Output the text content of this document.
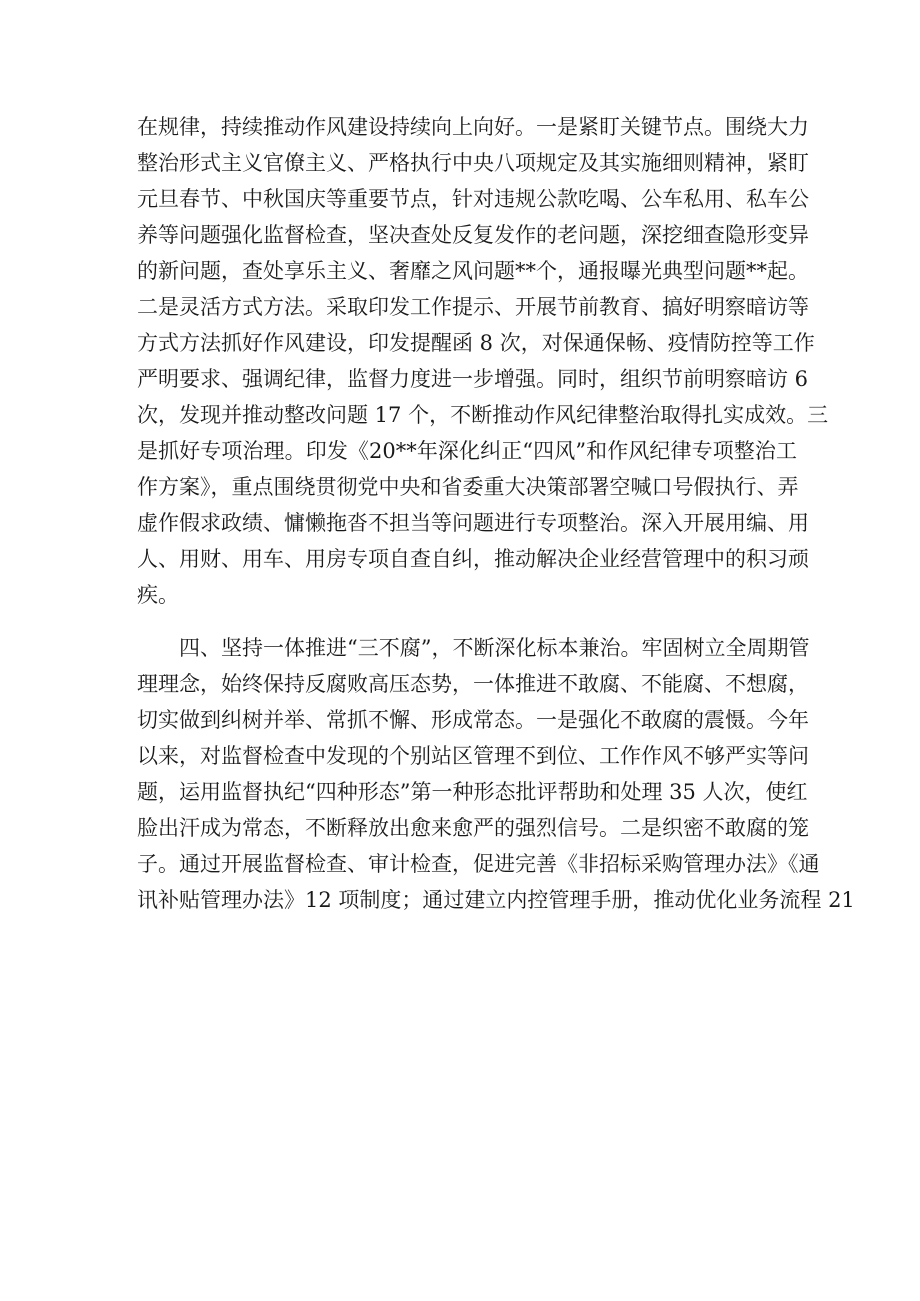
在规律，持续推动作风建设持续向上向好。一是紧盯关键节点。围绕大力
整治形式主义官僚主义、严格执行中央八项规定及其实施细则精神，紧盯
元旦春节、中秋国庆等重要节点，针对违规公款吃喝、公车私用、私车公
养等问题强化监督检查，坚决查处反复发作的老问题，深挖细查隐形变异
的新问题，查处享乐主义、奢靡之风问题**个，通报曝光典型问题**起。
二是灵活方式方法。采取印发工作提示、开展节前教育、搞好明察暗访等
方式方法抓好作风建设，印发提醒函 8 次，对保通保畅、疫情防控等工作
严明要求、强调纪律，监督力度进一步增强。同时，组织节前明察暗访 6
次，发现并推动整改问题 17 个，不断推动作风纪律整治取得扎实成效。三
是抓好专项治理。印发《20**年深化纠正“四风”和作风纪律专项整治工
作方案》，重点围绕贯彻党中央和省委重大决策部署空喊口号假执行、弄
虚作假求政绩、慵懒拖沓不担当等问题进行专项整治。深入开展用编、用
人、用财、用车、用房专项自查自纠，推动解决企业经营管理中的积习顽
疾。
四、坚持一体推进“三不腐”，不断深化标本兼治。牢固树立全周期管
理理念，始终保持反腐败高压态势，一体推进不敢腐、不能腐、不想腐，
切实做到纠树并举、常抓不懈、形成常态。一是强化不敢腐的震慑。今年
以来，对监督检查中发现的个别站区管理不到位、工作作风不够严实等问
题，运用监督执纪“四种形态”第一种形态批评帮助和处理 35 人次，使红
脸出汗成为常态，不断释放出愈来愈严的强烈信号。二是织密不敢腐的笼
子。通过开展监督检查、审计检查，促进完善《非招标采购管理办法》《通
讯补贴管理办法》12 项制度；通过建立内控管理手册，推动优化业务流程 21
